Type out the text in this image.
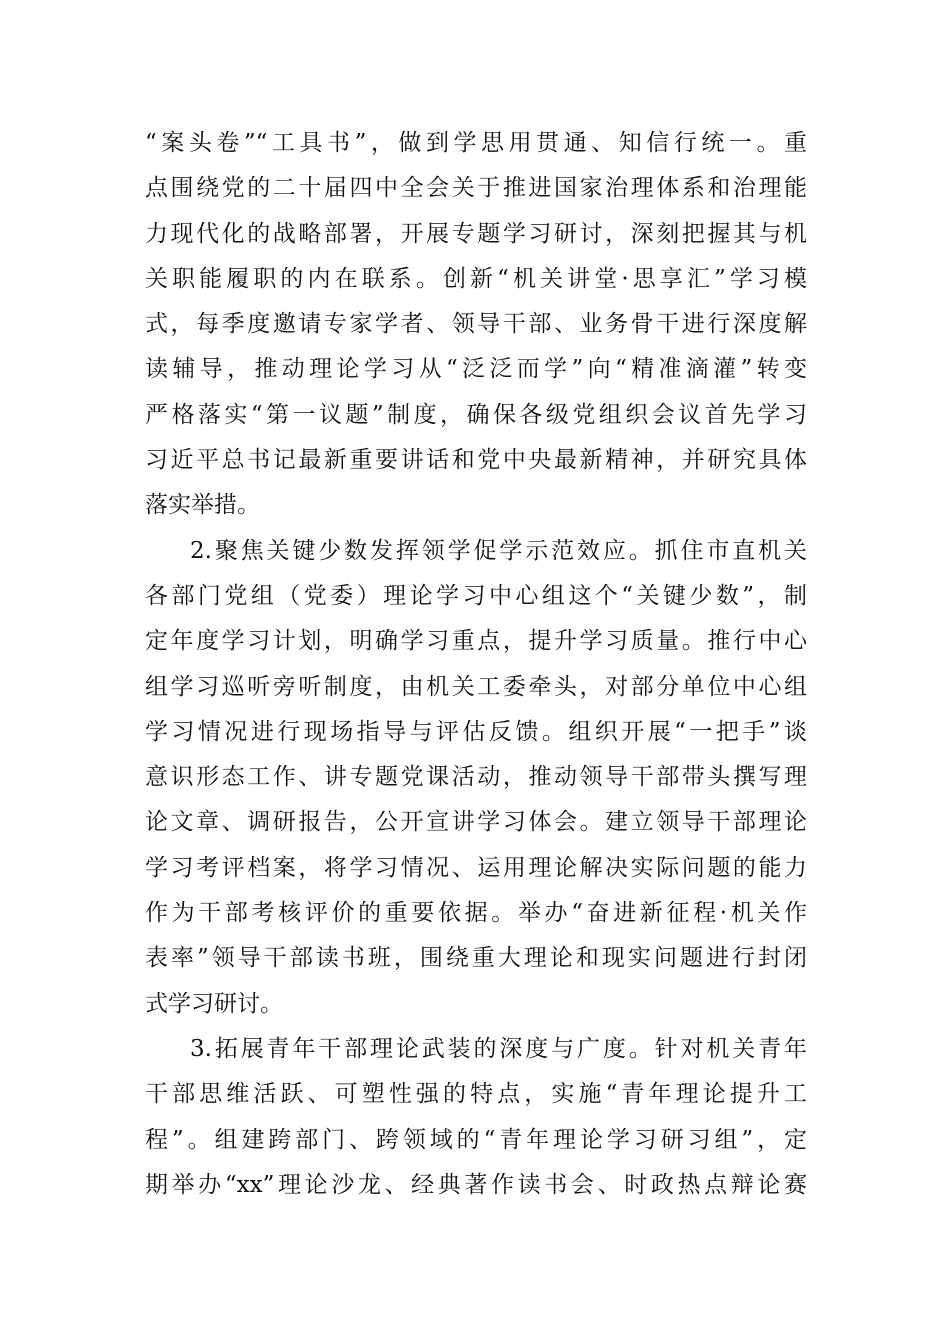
“案头卷”“工具书”，做到学思用贯通、知信行统一。重
点围绕党的二十届四中全会关于推进国家治理体系和治理能
力现代化的战略部署，开展专题学习研讨，深刻把握其与机
关职能履职的内在联系。创新“机关讲堂·思享汇”学习模
式，每季度邀请专家学者、领导干部、业务骨干进行深度解
读辅导，推动理论学习从“泛泛而学”向“精准滴灌”转变
严格落实“第一议题”制度，确保各级党组织会议首先学习
习近平总书记最新重要讲话和党中央最新精神，并研究具体
落实举措。
2.聚焦关键少数发挥领学促学示范效应。抓住市直机关
各部门党组（党委）理论学习中心组这个“关键少数”，制
定年度学习计划，明确学习重点，提升学习质量。推行中心
组学习巡听旁听制度，由机关工委牵头，对部分单位中心组
学习情况进行现场指导与评估反馈。组织开展“一把手”谈
意识形态工作、讲专题党课活动，推动领导干部带头撰写理
论文章、调研报告，公开宣讲学习体会。建立领导干部理论
学习考评档案，将学习情况、运用理论解决实际问题的能力
作为干部考核评价的重要依据。举办“奋进新征程·机关作
表率”领导干部读书班，围绕重大理论和现实问题进行封闭
式学习研讨。
3.拓展青年干部理论武装的深度与广度。针对机关青年
干部思维活跃、可塑性强的特点，实施“青年理论提升工
程”。组建跨部门、跨领域的“青年理论学习研习组”，定
期举办“xx”理论沙龙、经典著作读书会、时政热点辩论赛
